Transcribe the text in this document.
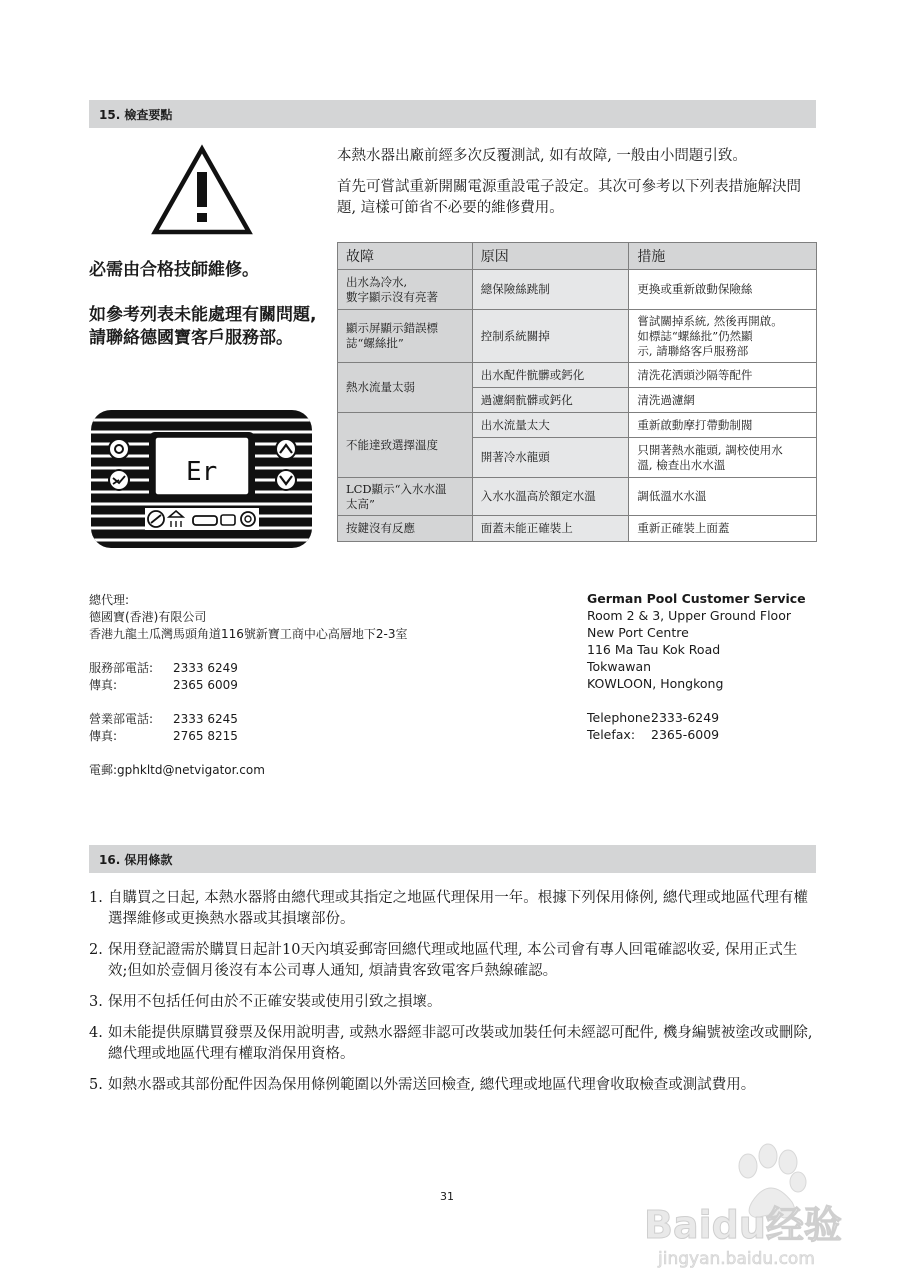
15. 檢查要點
必需由合格技師維修。
如參考列表未能處理有關問題, 請聯絡德國寶客戶服務部。
本熱水器出廠前經多次反覆測試, 如有故障, 一般由小問題引致。
首先可嘗試重新開關電源重設電子設定。其次可參考以下列表措施解決問題, 這樣可節省不必要的維修費用。
故障	原因	措施
出水為冷水,
數字顯示沒有亮著	總保險絲跳制	更換或重新啟動保險絲
顯示屏顯示錯誤標
誌“螺絲批”	控制系統關掉	嘗試關掉系統, 然後再開啟。
如標誌“螺絲批”仍然顯
示, 請聯絡客戶服務部
熱水流量太弱	出水配件骯髒或鈣化	清洗花洒頭沙隔等配件
	過濾網骯髒或鈣化	清洗過濾網
不能達致選擇溫度	出水流量太大	重新啟動摩打帶動制閥
	開著冷水龍頭	只開著熱水龍頭, 調校使用水
溫, 檢查出水水溫
LCD顯示“入水水溫
太高”	入水水溫高於額定水溫	調低溫水水溫
按鍵沒有反應	面蓋未能正確裝上	重新正確裝上面蓋
Er
總代理:
德國寶(香港)有限公司
香港九龍土瓜灣馬頭角道116號新寶工商中心高層地下2-3室
服務部電話: 2333 6249
傳真:	2365 6009
營業部電話: 2333 6245
傳真:	2765 8215
電郵:gphkltd@netvigator.com
German Pool Customer Service
Room 2 & 3, Upper Ground Floor
New Port Centre
116 Ma Tau Kok Road
Tokwawan
KOWLOON, Hongkong
Telephone:2333-6249
Telefax: 2365-6009
16. 保用條款
1. 自購買之日起, 本熱水器將由總代理或其指定之地區代理保用一年。根據下列保用條例, 總代理或地區代理有權選擇維修或更換熱水器或其損壞部份。
2. 保用登記證需於購買日起計10天內填妥郵寄回總代理或地區代理, 本公司會有專人回電確認收妥, 保用正式生效;但如於壹個月後沒有本公司專人通知, 煩請貴客致電客戶熱線確認。
3. 保用不包括任何由於不正確安裝或使用引致之損壞。
4. 如未能提供原購買發票及保用說明書, 或熱水器經非認可改裝或加裝任何未經認可配件, 機身編號被塗改或刪除, 總代理或地區代理有權取消保用資格。
5. 如熱水器或其部份配件因為保用條例範圍以外需送回檢查, 總代理或地區代理會收取檢查或測試費用。
31
Baidu经验
jingyan.baidu.com
